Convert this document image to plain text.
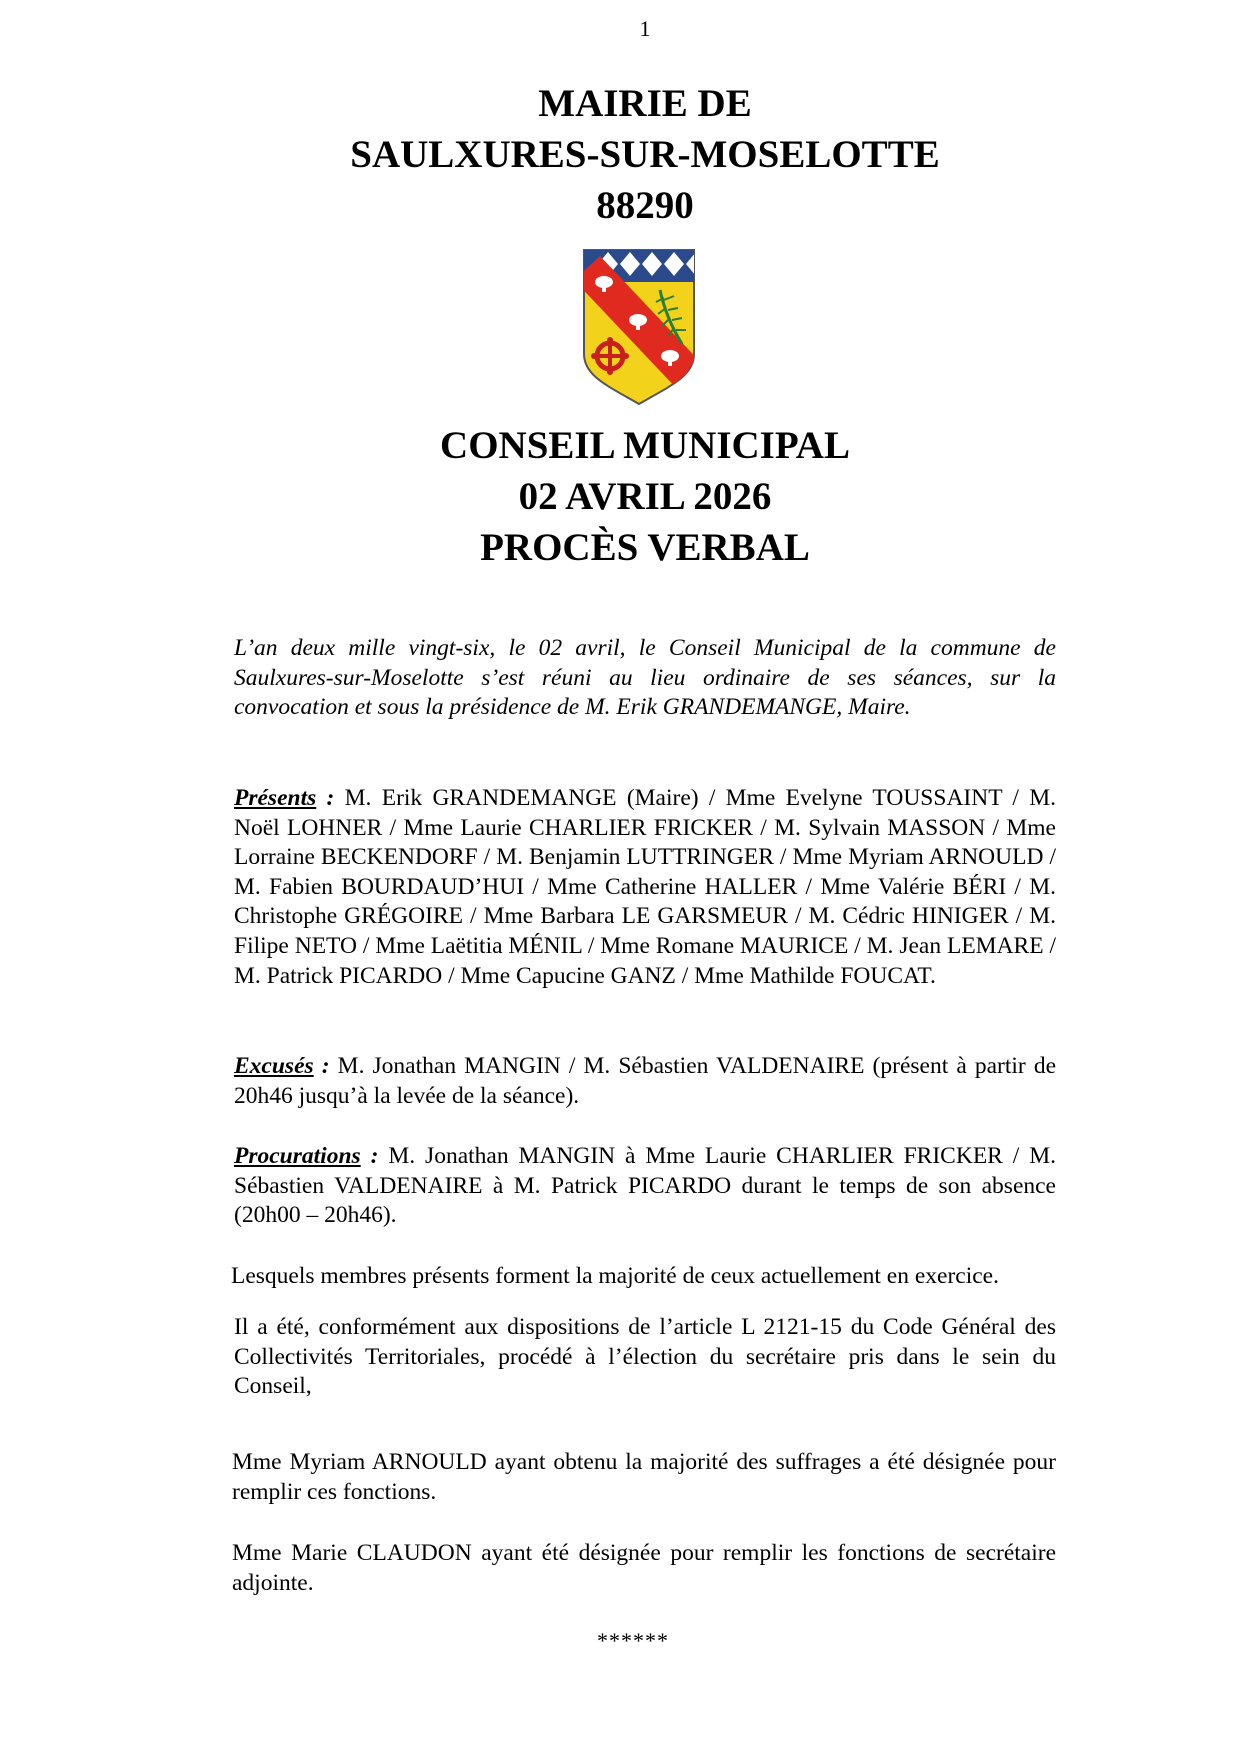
1
MAIRIE DE
SAULXURES-SUR-MOSELOTTE
88290
CONSEIL MUNICIPAL
02 AVRIL 2026
PROCÈS VERBAL
L’an deux mille vingt-six, le 02 avril, le Conseil Municipal de la commune de Saulxures-sur-Moselotte s’est réuni au lieu ordinaire de ses séances, sur la convocation et sous la présidence de M. Erik GRANDEMANGE, Maire.
Présents : M. Erik GRANDEMANGE (Maire) / Mme Evelyne TOUSSAINT / M. Noël LOHNER / Mme Laurie CHARLIER FRICKER / M. Sylvain MASSON / Mme Lorraine BECKENDORF / M. Benjamin LUTTRINGER / Mme Myriam ARNOULD / M. Fabien BOURDAUD’HUI / Mme Catherine HALLER / Mme Valérie BÉRI / M. Christophe GRÉGOIRE / Mme Barbara LE GARSMEUR / M. Cédric HINIGER / M. Filipe NETO / Mme Laëtitia MÉNIL / Mme Romane MAURICE / M. Jean LEMARE / M. Patrick PICARDO / Mme Capucine GANZ / Mme Mathilde FOUCAT.
Excusés : M. Jonathan MANGIN / M. Sébastien VALDENAIRE (présent à partir de 20h46 jusqu’à la levée de la séance).
Procurations : M. Jonathan MANGIN à Mme Laurie CHARLIER FRICKER / M. Sébastien VALDENAIRE à M. Patrick PICARDO durant le temps de son absence (20h00 – 20h46).
Lesquels membres présents forment la majorité de ceux actuellement en exercice.
Il a été, conformément aux dispositions de l’article L 2121-15 du Code Général des Collectivités Territoriales, procédé à l’élection du secrétaire pris dans le sein du Conseil,
Mme Myriam ARNOULD ayant obtenu la majorité des suffrages a été désignée pour remplir ces fonctions.
Mme Marie CLAUDON ayant été désignée pour remplir les fonctions de secrétaire adjointe.
******
